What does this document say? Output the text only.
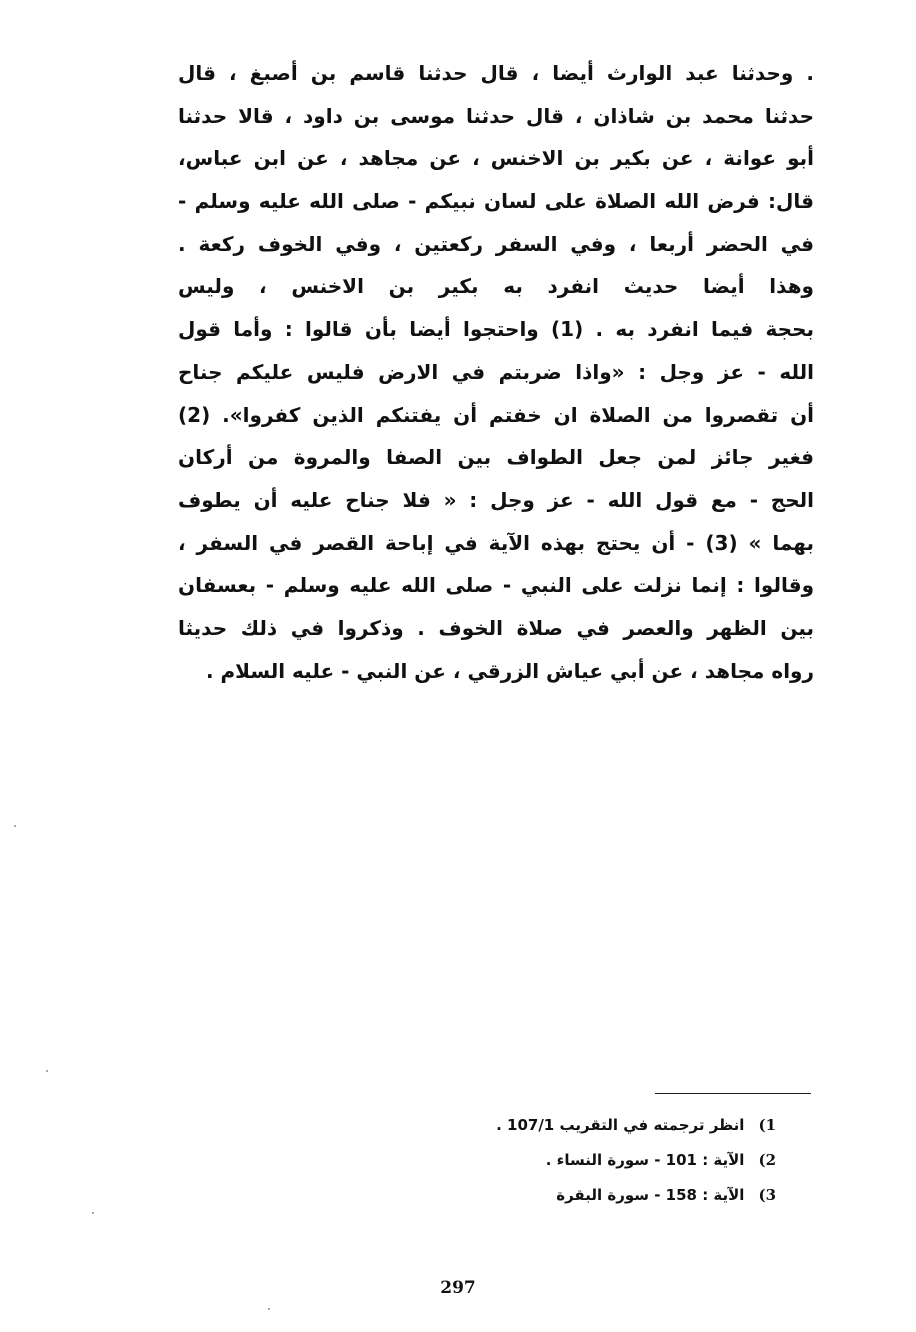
. وحدثنا عبد الوارث أيضا ، قال حدثنا قاسم بن أصبغ ، قال
حدثنا محمد بن شاذان ، قال حدثنا موسى بن داود ، قالا حدثنا
أبو عوانة ، عن بكير بن الاخنس ، عن مجاهد ، عن ابن عباس،
قال: فرض الله الصلاة على لسان نبيكم - صلى الله عليه وسلم -
في الحضر أربعا ، وفي السفر ركعتين ، وفي الخوف ركعة .
وهذا أيضا حديث انفرد به بكير بن الاخنس ، وليس
بحجة فيما انفرد به . (1) واحتجوا أيضا بأن قالوا : وأما قول
الله - عز وجل : «واذا ضربتم في الارض فليس عليكم جناح
أن تقصروا من الصلاة ان خفتم أن يفتنكم الذين كفروا». (2)
فغير جائز لمن جعل الطواف بين الصفا والمروة من أركان
الحج - مع قول الله - عز وجل : « فلا جناح عليه أن يطوف
بهما » (3) - أن يحتج بهذه الآية في إباحة القصر في السفر ،
وقالوا : إنما نزلت على النبي - صلى الله عليه وسلم - بعسفان
بين الظهر والعصر في صلاة الخوف . وذكروا في ذلك حديثا
رواه مجاهد ، عن أبي عياش الزرقي ، عن النبي - عليه السلام .
1)انظر ترجمته في التقريب 107/1 .
2)الآية : 101 - سورة النساء .
3)الآية : 158 - سورة البقرة
297
